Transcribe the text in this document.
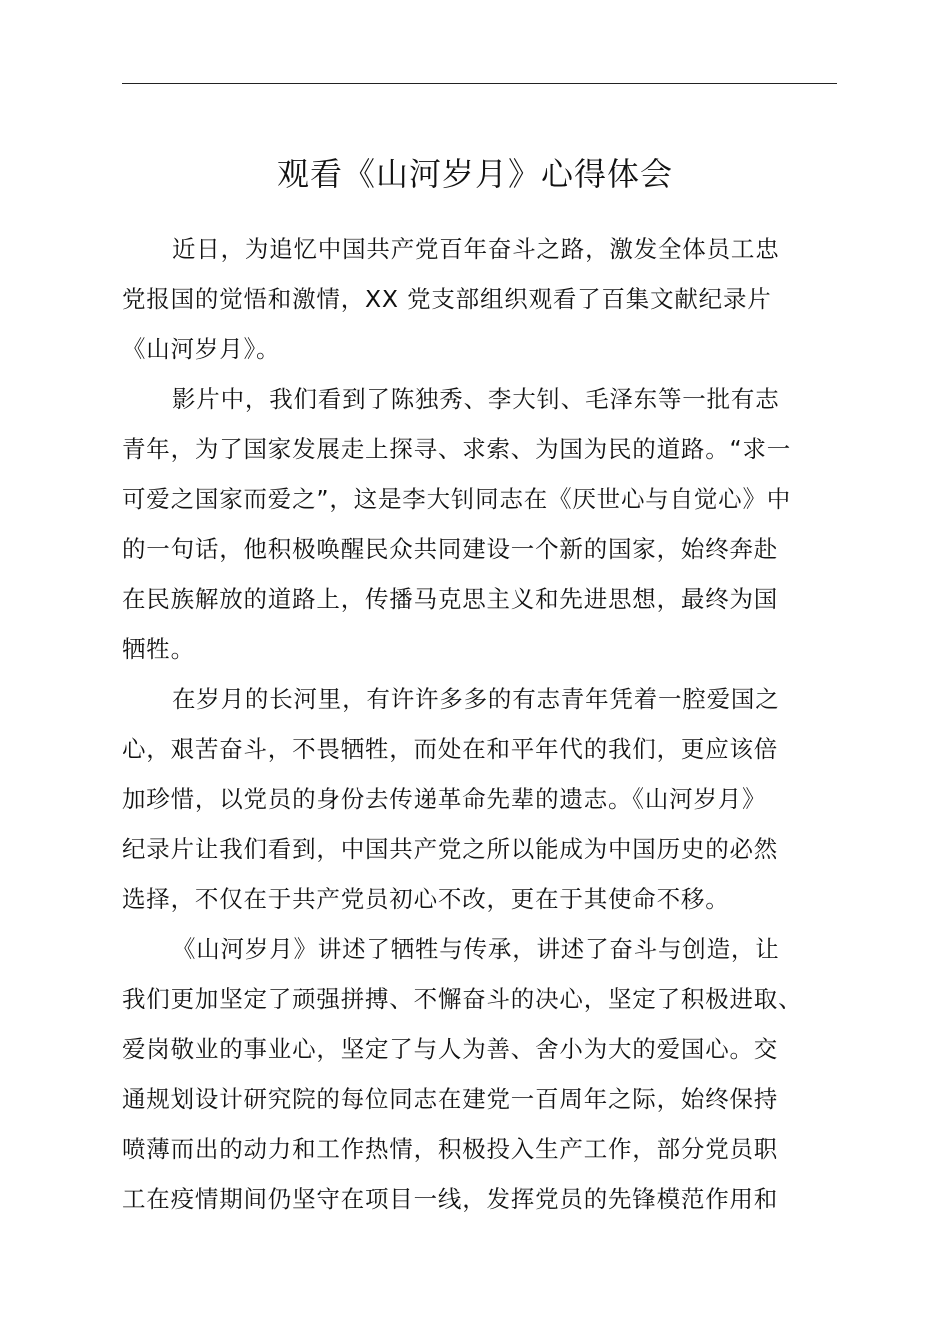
观看《山河岁月》心得体会
近日，为追忆中国共产党百年奋斗之路，激发全体员工忠
党报国的觉悟和激情，XX 党支部组织观看了百集文献纪录片
《山河岁月》。
影片中，我们看到了陈独秀、李大钊、毛泽东等一批有志
青年，为了国家发展走上探寻、求索、为国为民的道路。“求一
可爱之国家而爱之”，这是李大钊同志在《厌世心与自觉心》中
的一句话，他积极唤醒民众共同建设一个新的国家，始终奔赴
在民族解放的道路上，传播马克思主义和先进思想，最终为国
牺牲。
在岁月的长河里，有许许多多的有志青年凭着一腔爱国之
心，艰苦奋斗，不畏牺牲，而处在和平年代的我们，更应该倍
加珍惜，以党员的身份去传递革命先辈的遗志。《山河岁月》
纪录片让我们看到，中国共产党之所以能成为中国历史的必然
选择，不仅在于共产党员初心不改，更在于其使命不移。
《山河岁月》讲述了牺牲与传承，讲述了奋斗与创造，让
我们更加坚定了顽强拼搏、不懈奋斗的决心，坚定了积极进取、
爱岗敬业的事业心，坚定了与人为善、舍小为大的爱国心。交
通规划设计研究院的每位同志在建党一百周年之际，始终保持
喷薄而出的动力和工作热情，积极投入生产工作，部分党员职
工在疫情期间仍坚守在项目一线，发挥党员的先锋模范作用和
